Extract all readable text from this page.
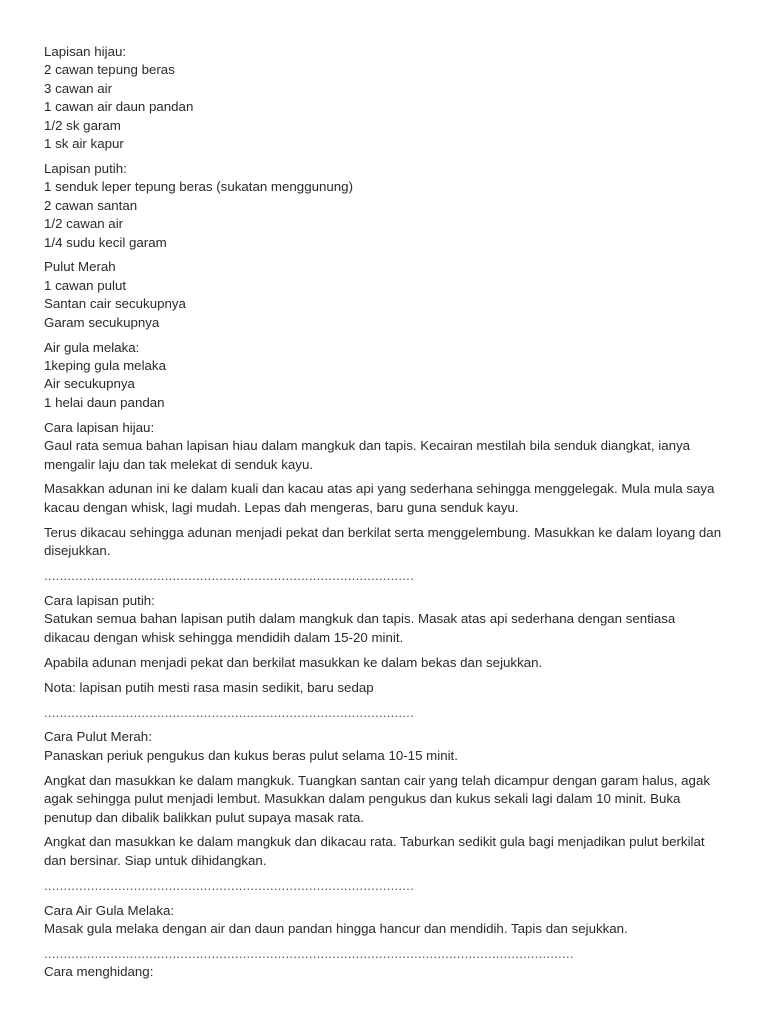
Lapisan hijau:
2 cawan tepung beras
3 cawan air
1 cawan air daun pandan
1/2 sk garam
1 sk air kapur
Lapisan putih:
1 senduk leper tepung beras (sukatan menggunung)
2 cawan santan
1/2 cawan air
1/4 sudu kecil garam
Pulut Merah
1 cawan pulut
Santan cair secukupnya
Garam secukupnya
Air gula melaka:
1keping gula melaka
Air secukupnya
1 helai daun pandan
Cara lapisan hijau:
Gaul rata semua bahan lapisan hiau dalam mangkuk dan tapis. Kecairan mestilah bila senduk diangkat, ianya mengalir laju dan tak melekat di senduk kayu.
Masakkan adunan ini ke dalam kuali dan kacau atas api yang sederhana sehingga menggelegak. Mula mula saya kacau dengan whisk, lagi mudah. Lepas dah mengeras, baru guna senduk kayu.
Terus dikacau sehingga adunan menjadi pekat dan berkilat serta menggelembung. Masukkan ke dalam loyang dan disejukkan.
...............................................................................................
Cara lapisan putih:
Satukan semua bahan lapisan putih dalam mangkuk dan tapis. Masak atas api sederhana dengan sentiasa dikacau dengan whisk sehingga mendidih dalam 15-20 minit.
Apabila adunan menjadi pekat dan berkilat masukkan ke dalam bekas dan sejukkan.
Nota: lapisan putih mesti rasa masin sedikit, baru sedap
...............................................................................................
Cara Pulut Merah:
Panaskan periuk pengukus dan kukus beras pulut selama 10-15 minit.
Angkat dan masukkan ke dalam mangkuk. Tuangkan santan cair yang telah dicampur dengan garam halus, agak agak sehingga pulut menjadi lembut. Masukkan dalam pengukus dan kukus sekali lagi dalam 10 minit. Buka penutup dan dibalik balikkan pulut supaya masak rata.
Angkat dan masukkan ke dalam mangkuk dan dikacau rata. Taburkan sedikit gula bagi menjadikan pulut berkilat dan bersinar. Siap untuk dihidangkan.
...............................................................................................
Cara Air Gula Melaka:
Masak gula melaka dengan air dan daun pandan hingga hancur dan mendidih. Tapis dan sejukkan.
........................................................................................................................................
Cara menghidang:
